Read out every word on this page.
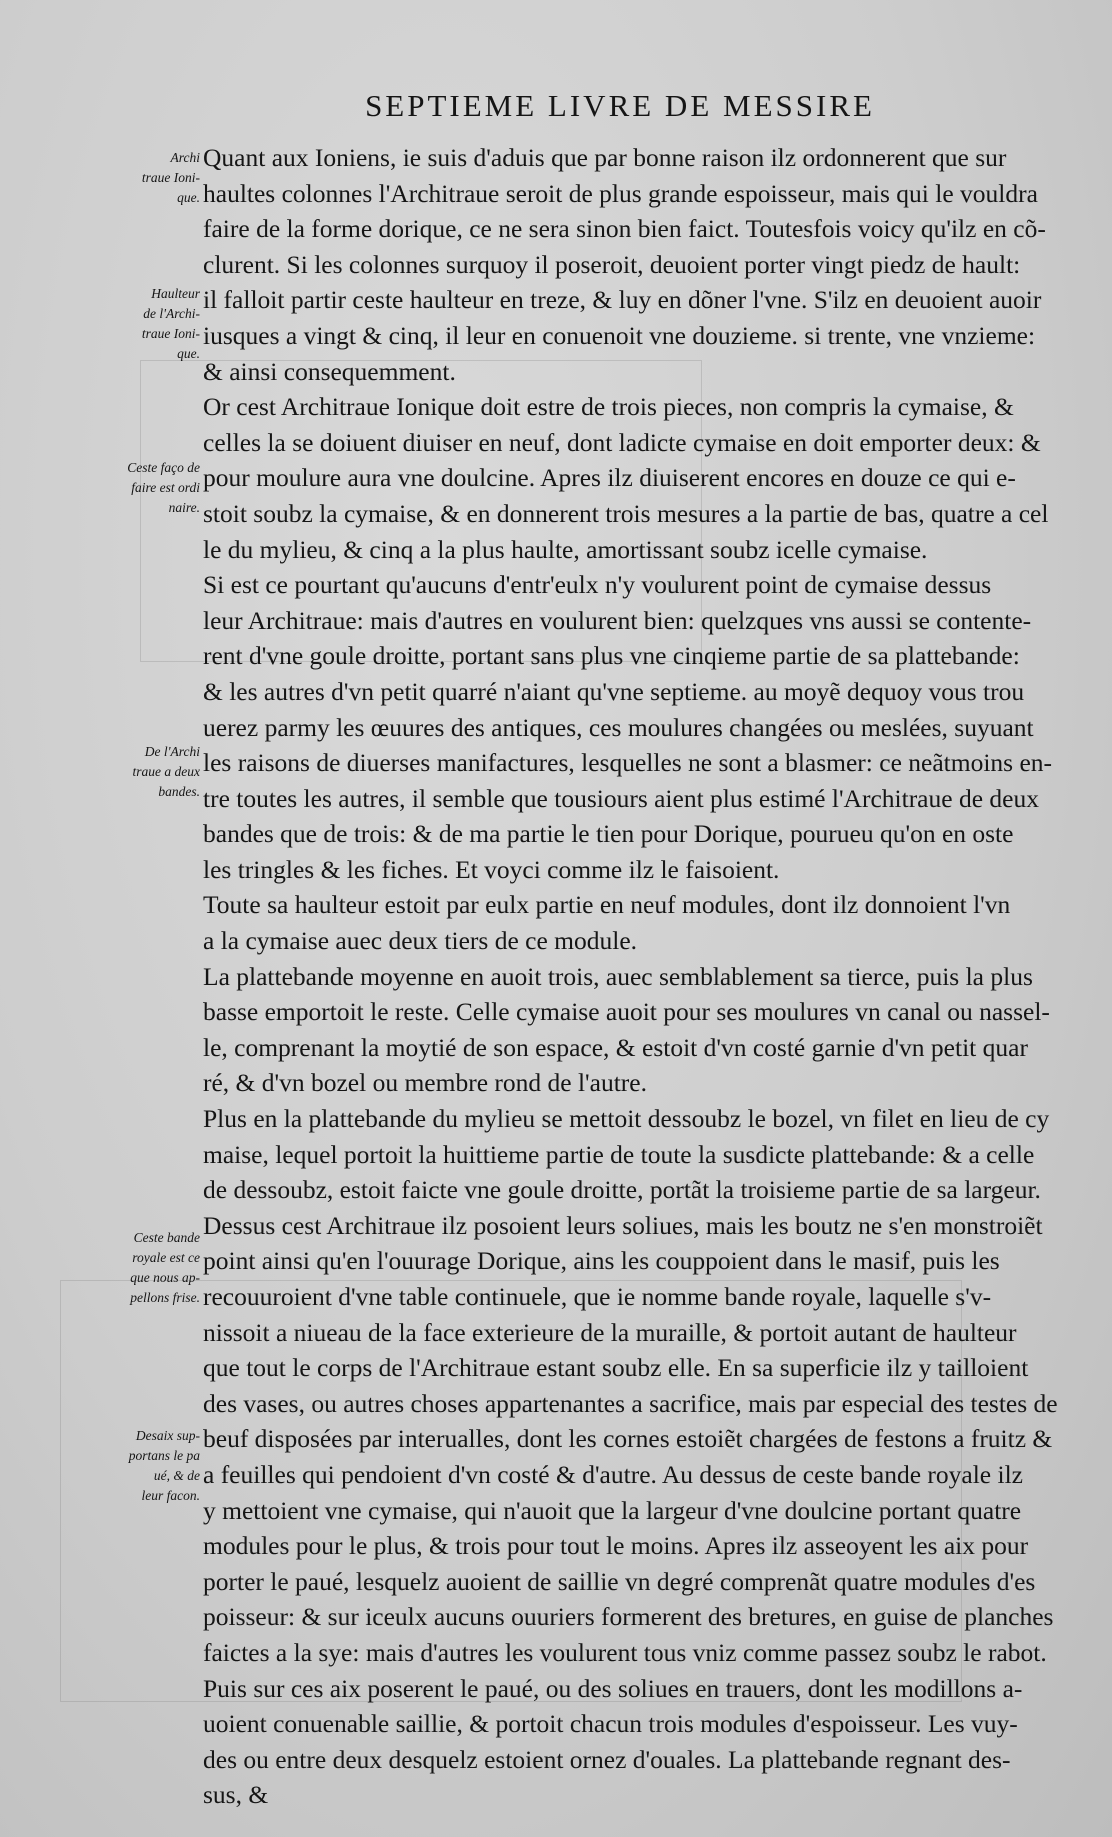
SEPTIEME LIVRE DE MESSIRE
Archi
traue Ioni-
que.
Haulteur
de l'Archi-
traue Ioni-
que.
Ceste faço de
faire est ordi
naire.
De l'Archi
traue a deux
bandes.
Ceste bande
royale est ce
que nous ap-
pellons frise.
Desaix sup-
portans le pa
ué, & de
leur facon.
Quant aux Ioniens, ie suis d'aduis que par bonne raison ilz ordonnerent que sur
haultes colonnes l'Architraue seroit de plus grande espoisseur, mais qui le vouldra
faire de la forme dorique, ce ne sera sinon bien faict. Toutesfois voicy qu'ilz en cõ-
clurent. Si les colonnes surquoy il poseroit, deuoient porter vingt piedz de hault:
il falloit partir ceste haulteur en treze, & luy en dõner l'vne. S'ilz en deuoient auoir
iusques a vingt & cinq, il leur en conuenoit vne douzieme. si trente, vne vnzieme:
& ainsi consequemment.
Or cest Architraue Ionique doit estre de trois pieces, non compris la cymaise, &
celles la se doiuent diuiser en neuf, dont ladicte cymaise en doit emporter deux: &
pour moulure aura vne doulcine. Apres ilz diuiserent encores en douze ce qui e-
stoit soubz la cymaise, & en donnerent trois mesures a la partie de bas, quatre a cel
le du mylieu, & cinq a la plus haulte, amortissant soubz icelle cymaise.
Si est ce pourtant qu'aucuns d'entr'eulx n'y voulurent point de cymaise dessus
leur Architraue: mais d'autres en voulurent bien: quelzques vns aussi se contente-
rent d'vne goule droitte, portant sans plus vne cinqieme partie de sa plattebande:
& les autres d'vn petit quarré n'aiant qu'vne septieme. au moyẽ dequoy vous trou
uerez parmy les œuures des antiques, ces moulures changées ou meslées, suyuant
les raisons de diuerses manifactures, lesquelles ne sont a blasmer: ce neãtmoins en-
tre toutes les autres, il semble que tousiours aient plus estimé l'Architraue de deux
bandes que de trois: & de ma partie le tien pour Dorique, pourueu qu'on en oste
les tringles & les fiches. Et voyci comme ilz le faisoient.
Toute sa haulteur estoit par eulx partie en neuf modules, dont ilz donnoient l'vn
a la cymaise auec deux tiers de ce module.
La plattebande moyenne en auoit trois, auec semblablement sa tierce, puis la plus
basse emportoit le reste. Celle cymaise auoit pour ses moulures vn canal ou nassel-
le, comprenant la moytié de son espace, & estoit d'vn costé garnie d'vn petit quar
ré, & d'vn bozel ou membre rond de l'autre.
Plus en la plattebande du mylieu se mettoit dessoubz le bozel, vn filet en lieu de cy
maise, lequel portoit la huittieme partie de toute la susdicte plattebande: & a celle
de dessoubz, estoit faicte vne goule droitte, portãt la troisieme partie de sa largeur.
Dessus cest Architraue ilz posoient leurs soliues, mais les boutz ne s'en monstroiẽt
point ainsi qu'en l'ouurage Dorique, ains les couppoient dans le masif, puis les
recouuroient d'vne table continuele, que ie nomme bande royale, laquelle s'v-
nissoit a niueau de la face exterieure de la muraille, & portoit autant de haulteur
que tout le corps de l'Architraue estant soubz elle. En sa superficie ilz y tailloient
des vases, ou autres choses appartenantes a sacrifice, mais par especial des testes de
beuf disposées par interualles, dont les cornes estoiẽt chargées de festons a fruitz &
a feuilles qui pendoient d'vn costé & d'autre. Au dessus de ceste bande royale ilz
y mettoient vne cymaise, qui n'auoit que la largeur d'vne doulcine portant quatre
modules pour le plus, & trois pour tout le moins. Apres ilz asseoyent les aix pour
porter le paué, lesquelz auoient de saillie vn degré comprenãt quatre modules d'es
poisseur: & sur iceulx aucuns ouuriers formerent des bretures, en guise de planches
faictes a la sye: mais d'autres les voulurent tous vniz comme passez soubz le rabot.
Puis sur ces aix poserent le paué, ou des soliues en trauers, dont les modillons a-
uoient conuenable saillie, & portoit chacun trois modules d'espoisseur. Les vuy-
des ou entre deux desquelz estoient ornez d'ouales. La plattebande regnant des-
sus, &
